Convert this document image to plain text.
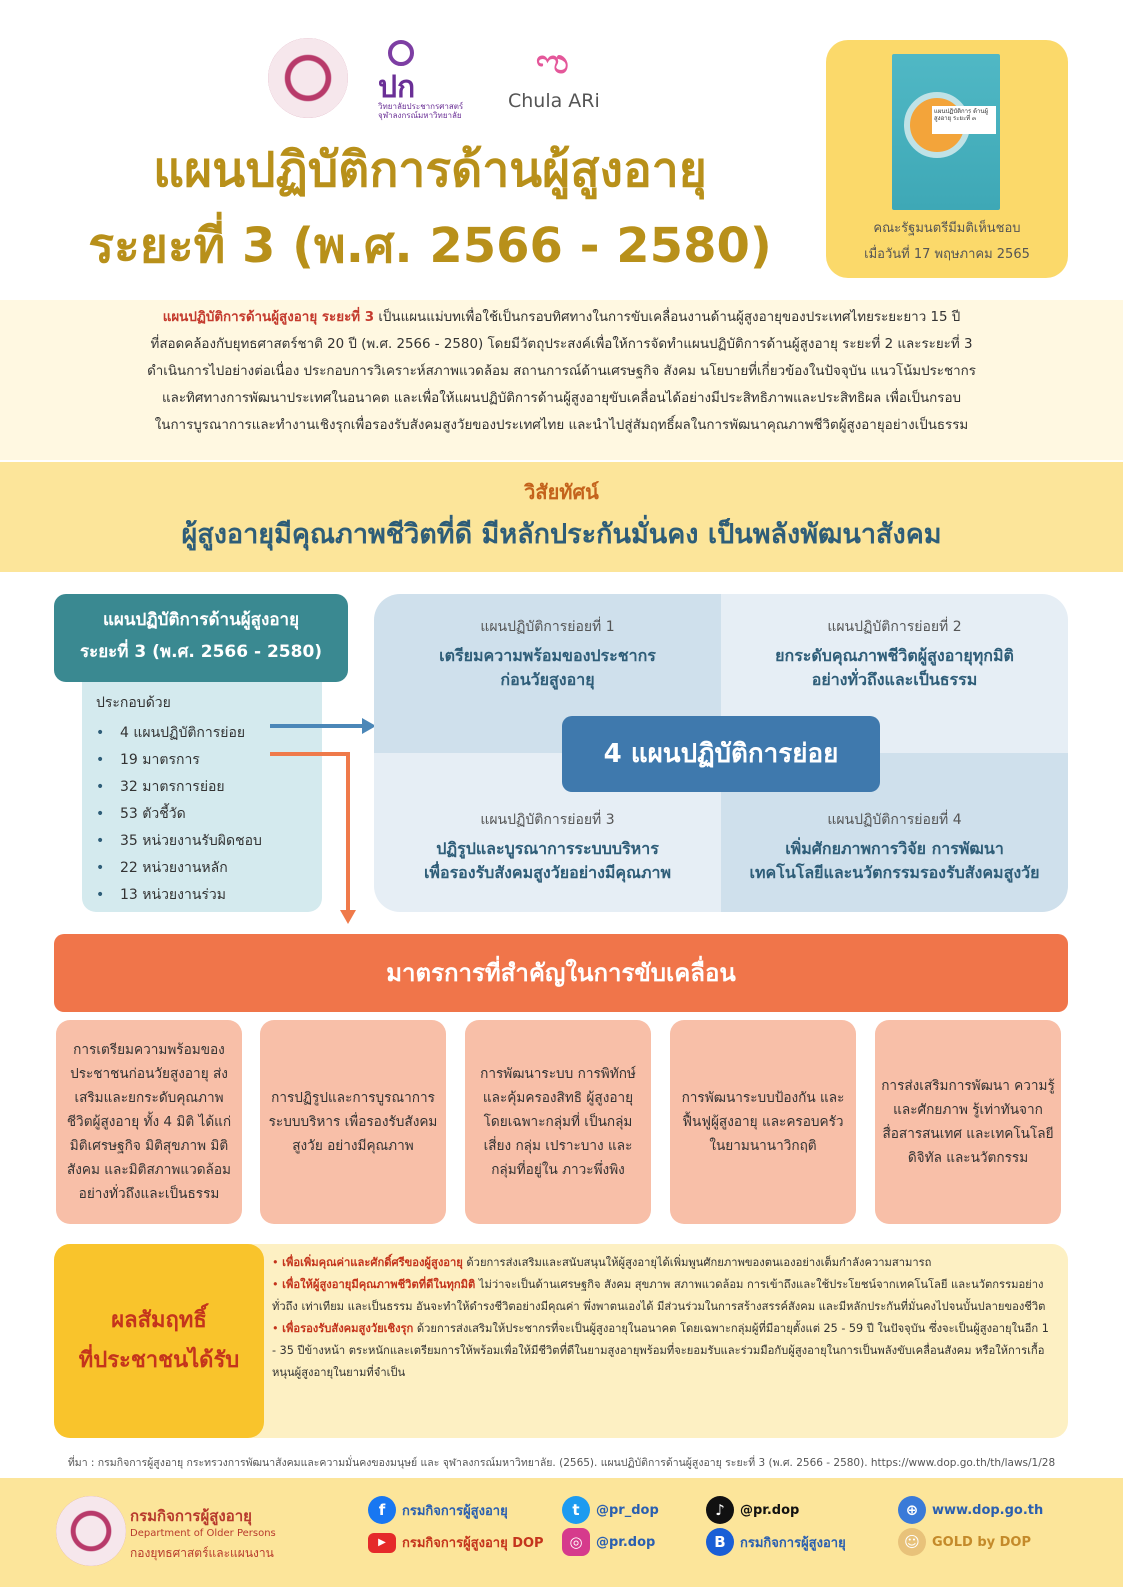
ปก
วิทยาลัยประชากรศาสตร์ จุฬาลงกรณ์มหาวิทยาลัย
ಌ
Chula ARi
แผนปฏิบัติการด้านผู้สูงอายุ
ระยะที่ 3 (พ.ศ. 2566 - 2580)
แผนปฏิบัติการ ด้านผู้สูงอายุ ระยะที่ ๓
คณะรัฐมนตรีมีมติเห็นชอบ
เมื่อวันที่ 17 พฤษภาคม 2565
แผนปฏิบัติการด้านผู้สูงอายุ ระยะที่ 3 เป็นแผนแม่บทเพื่อใช้เป็นกรอบทิศทางในการขับเคลื่อนงานด้านผู้สูงอายุของประเทศไทยระยะยาว 15 ปี
ที่สอดคล้องกับยุทธศาสตร์ชาติ 20 ปี (พ.ศ. 2566 - 2580) โดยมีวัตถุประสงค์เพื่อให้การจัดทำแผนปฏิบัติการด้านผู้สูงอายุ ระยะที่ 2 และระยะที่ 3
ดำเนินการไปอย่างต่อเนื่อง ประกอบการวิเคราะห์สภาพแวดล้อม สถานการณ์ด้านเศรษฐกิจ สังคม นโยบายที่เกี่ยวข้องในปัจจุบัน แนวโน้มประชากร
และทิศทางการพัฒนาประเทศในอนาคต และเพื่อให้แผนปฏิบัติการด้านผู้สูงอายุขับเคลื่อนได้อย่างมีประสิทธิภาพและประสิทธิผล เพื่อเป็นกรอบ
ในการบูรณาการและทำงานเชิงรุกเพื่อรองรับสังคมสูงวัยของประเทศไทย และนำไปสู่สัมฤทธิ์ผลในการพัฒนาคุณภาพชีวิตผู้สูงอายุอย่างเป็นธรรม
วิสัยทัศน์
ผู้สูงอายุมีคุณภาพชีวิตที่ดี มีหลักประกันมั่นคง เป็นพลังพัฒนาสังคม
แผนปฏิบัติการด้านผู้สูงอายุ
ระยะที่ 3 (พ.ศ. 2566 - 2580)
ประกอบด้วย
• 4 แผนปฏิบัติการย่อย
• 19 มาตรการ
• 32 มาตรการย่อย
• 53 ตัวชี้วัด
• 35 หน่วยงานรับผิดชอบ
• 22 หน่วยงานหลัก
• 13 หน่วยงานร่วม
แผนปฏิบัติการย่อยที่ 1
เตรียมความพร้อมของประชากร
ก่อนวัยสูงอายุ
แผนปฏิบัติการย่อยที่ 2
ยกระดับคุณภาพชีวิตผู้สูงอายุทุกมิติ
อย่างทั่วถึงและเป็นธรรม
แผนปฏิบัติการย่อยที่ 3
ปฏิรูปและบูรณาการระบบบริหาร
เพื่อรองรับสังคมสูงวัยอย่างมีคุณภาพ
แผนปฏิบัติการย่อยที่ 4
เพิ่มศักยภาพการวิจัย การพัฒนา
เทคโนโลยีและนวัตกรรมรองรับสังคมสูงวัย
4 แผนปฏิบัติการย่อย
มาตรการที่สำคัญในการขับเคลื่อน
การเตรียมความพร้อมของประชาชนก่อนวัยสูงอายุ ส่งเสริมและยกระดับคุณภาพชีวิตผู้สูงอายุ ทั้ง 4 มิติ ได้แก่ มิติเศรษฐกิจ มิติสุขภาพ มิติสังคม และมิติสภาพแวดล้อม อย่างทั่วถึงและเป็นธรรม
การปฏิรูปและการบูรณาการ ระบบบริหาร เพื่อรองรับสังคมสูงวัย อย่างมีคุณภาพ
การพัฒนาระบบ การพิทักษ์และคุ้มครองสิทธิ ผู้สูงอายุ โดยเฉพาะกลุ่มที่ เป็นกลุ่มเสี่ยง กลุ่ม เปราะบาง และกลุ่มที่อยู่ใน ภาวะพึ่งพิง
การพัฒนาระบบป้องกัน และฟื้นฟูผู้สูงอายุ และครอบครัว ในยามนานาวิกฤติ
การส่งเสริมการพัฒนา ความรู้และศักยภาพ รู้เท่าทันจากสื่อสารสนเทศ และเทคโนโลยีดิจิทัล และนวัตกรรม
ผลสัมฤทธิ์
ที่ประชาชนได้รับ
• เพื่อเพิ่มคุณค่าและศักดิ์ศรีของผู้สูงอายุ ด้วยการส่งเสริมและสนับสนุนให้ผู้สูงอายุได้เพิ่มพูนศักยภาพของตนเองอย่างเต็มกำลังความสามารถ
• เพื่อให้ผู้สูงอายุมีคุณภาพชีวิตที่ดีในทุกมิติ ไม่ว่าจะเป็นด้านเศรษฐกิจ สังคม สุขภาพ สภาพแวดล้อม การเข้าถึงและใช้ประโยชน์จากเทคโนโลยี และนวัตกรรมอย่างทั่วถึง เท่าเทียม และเป็นธรรม อันจะทำให้ดำรงชีวิตอย่างมีคุณค่า พึ่งพาตนเองได้ มีส่วนร่วมในการสร้างสรรค์สังคม และมีหลักประกันที่มั่นคงไปจนบั้นปลายของชีวิต
• เพื่อรองรับสังคมสูงวัยเชิงรุก ด้วยการส่งเสริมให้ประชากรที่จะเป็นผู้สูงอายุในอนาคต โดยเฉพาะกลุ่มผู้ที่มีอายุตั้งแต่ 25 - 59 ปี ในปัจจุบัน ซึ่งจะเป็นผู้สูงอายุในอีก 1 - 35 ปีข้างหน้า ตระหนักและเตรียมการให้พร้อมเพื่อให้มีชีวิตที่ดีในยามสูงอายุพร้อมที่จะยอมรับและร่วมมือกับผู้สูงอายุในการเป็นพลังขับเคลื่อนสังคม หรือให้การเกื้อหนุนผู้สูงอายุในยามที่จำเป็น
ที่มา : กรมกิจการผู้สูงอายุ กระทรวงการพัฒนาสังคมและความมั่นคงของมนุษย์ และ จุฬาลงกรณ์มหาวิทยาลัย. (2565). แผนปฏิบัติการด้านผู้สูงอายุ ระยะที่ 3 (พ.ศ. 2566 - 2580). https://www.dop.go.th/th/laws/1/28
กรมกิจการผู้สูงอายุ
Department of Older Persons
กองยุทธศาสตร์และแผนงาน
f	กรมกิจการผู้สูงอายุ
▶	กรมกิจการผู้สูงอายุ DOP
t	@pr_dop
◎	@pr.dop
♪	@pr.dop
B	กรมกิจการผู้สูงอายุ
⊕	www.dop.go.th
☺ GOLD by DOP
